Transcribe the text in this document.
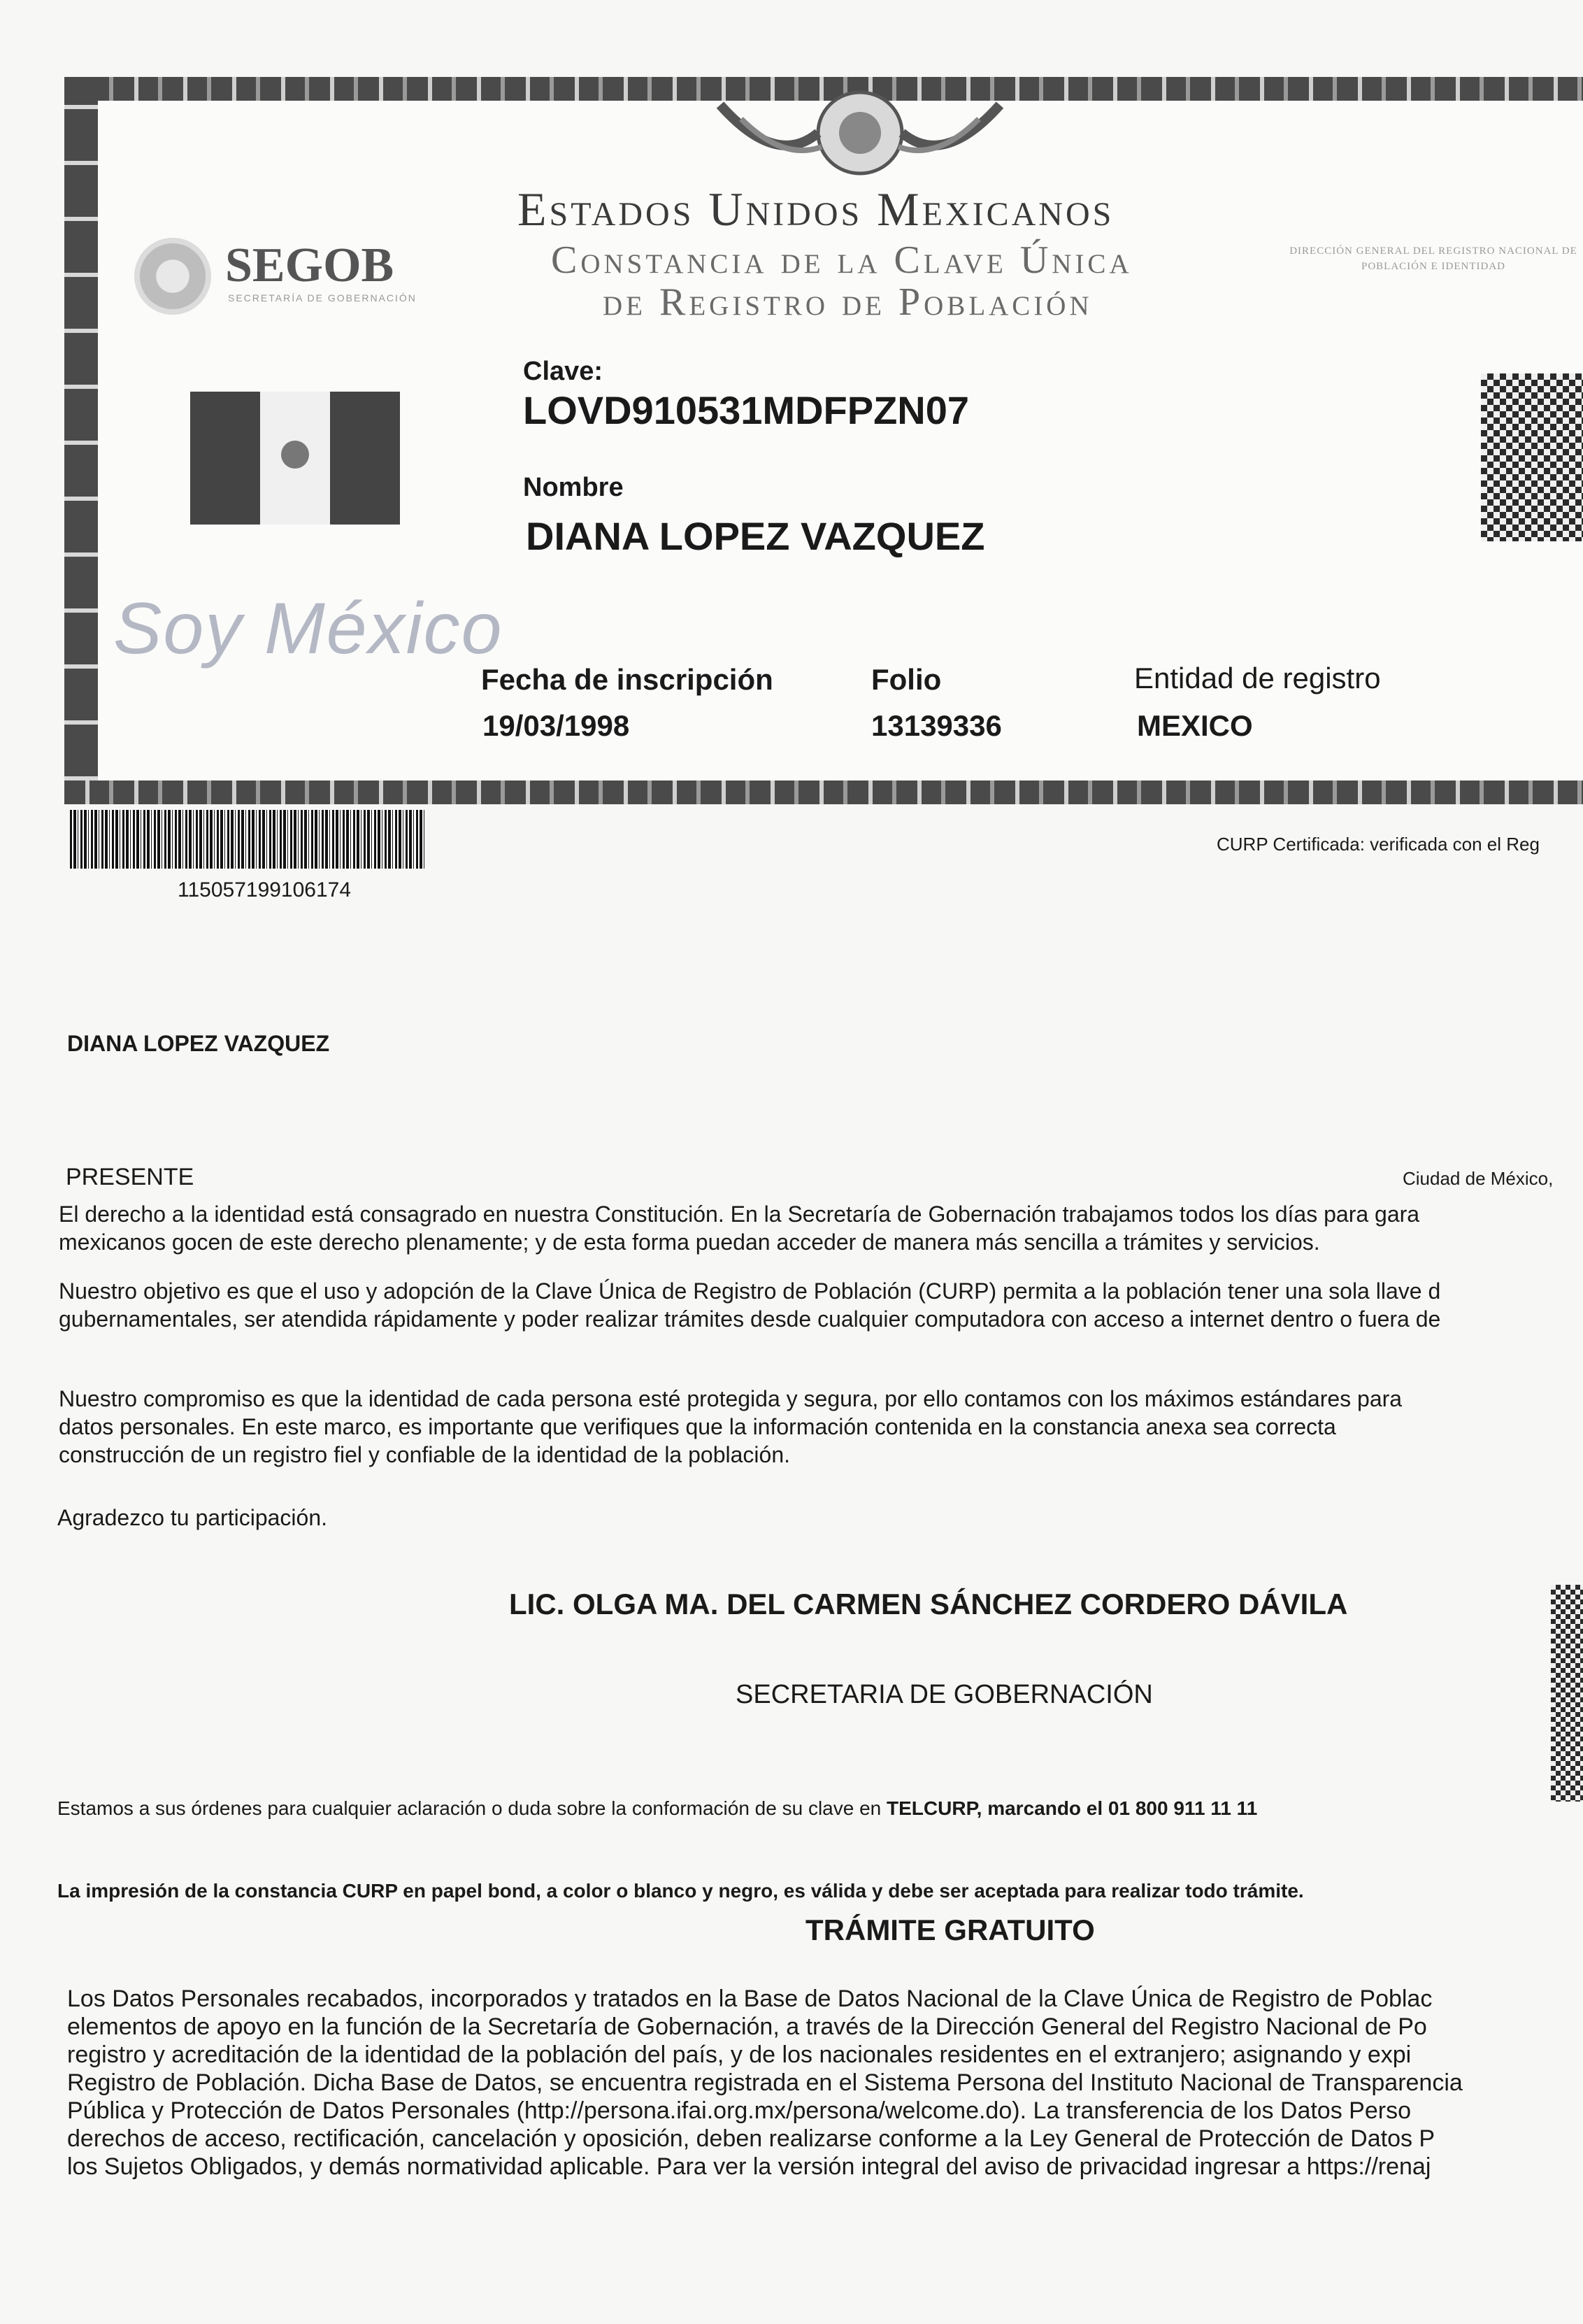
SEGOB
SECRETARÍA DE GOBERNACIÓN
Estados Unidos Mexicanos
Constancia de la Clave Única
de Registro de Población
DIRECCIÓN GENERAL DEL REGISTRO NACIONAL DE POBLACIÓN E IDENTIDAD
Soy México
Clave:
LOVD910531MDFPZN07
Nombre
DIANA LOPEZ VAZQUEZ
Fecha de inscripción
19/03/1998
Folio
13139336
Entidad de registro
MEXICO
115057199106174
CURP Certificada: verificada con el Reg
DIANA LOPEZ VAZQUEZ
PRESENTE	Ciudad de México,
El derecho a la identidad está consagrado en nuestra Constitución. En la Secretaría de Gobernación trabajamos todos los días para gara
mexicanos gocen de este derecho plenamente; y de esta forma puedan acceder de manera más sencilla a trámites y servicios.
Nuestro objetivo es que el uso y adopción de la Clave Única de Registro de Población (CURP) permita a la población tener una sola llave d
gubernamentales, ser atendida rápidamente y poder realizar trámites desde cualquier computadora con acceso a internet dentro o fuera de
Nuestro compromiso es que la identidad de cada persona esté protegida y segura, por ello contamos con los máximos estándares para
datos personales. En este marco, es importante que verifiques que la información contenida en la constancia anexa sea correcta
construcción de un registro fiel y confiable de la identidad de la población.
Agradezco tu participación.
LIC. OLGA MA. DEL CARMEN SÁNCHEZ CORDERO DÁVILA
SECRETARIA DE GOBERNACIÓN
Estamos a sus órdenes para cualquier aclaración o duda sobre la conformación de su clave en TELCURP, marcando el 01 800 911 11 11
La impresión de la constancia CURP en papel bond, a color o blanco y negro, es válida y debe ser aceptada para realizar todo trámite.
TRÁMITE GRATUITO
Los Datos Personales recabados, incorporados y tratados en la Base de Datos Nacional de la Clave Única de Registro de Poblac
elementos de apoyo en la función de la Secretaría de Gobernación, a través de la Dirección General del Registro Nacional de Po
registro y acreditación de la identidad de la población del país, y de los nacionales residentes en el extranjero; asignando y expi
Registro de Población. Dicha Base de Datos, se encuentra registrada en el Sistema Persona del Instituto Nacional de Transparencia
Pública y Protección de Datos Personales (http://persona.ifai.org.mx/persona/welcome.do). La transferencia de los Datos Perso
derechos de acceso, rectificación, cancelación y oposición, deben realizarse conforme a la Ley General de Protección de Datos P
los Sujetos Obligados, y demás normatividad aplicable. Para ver la versión integral del aviso de privacidad ingresar a https://renaj
